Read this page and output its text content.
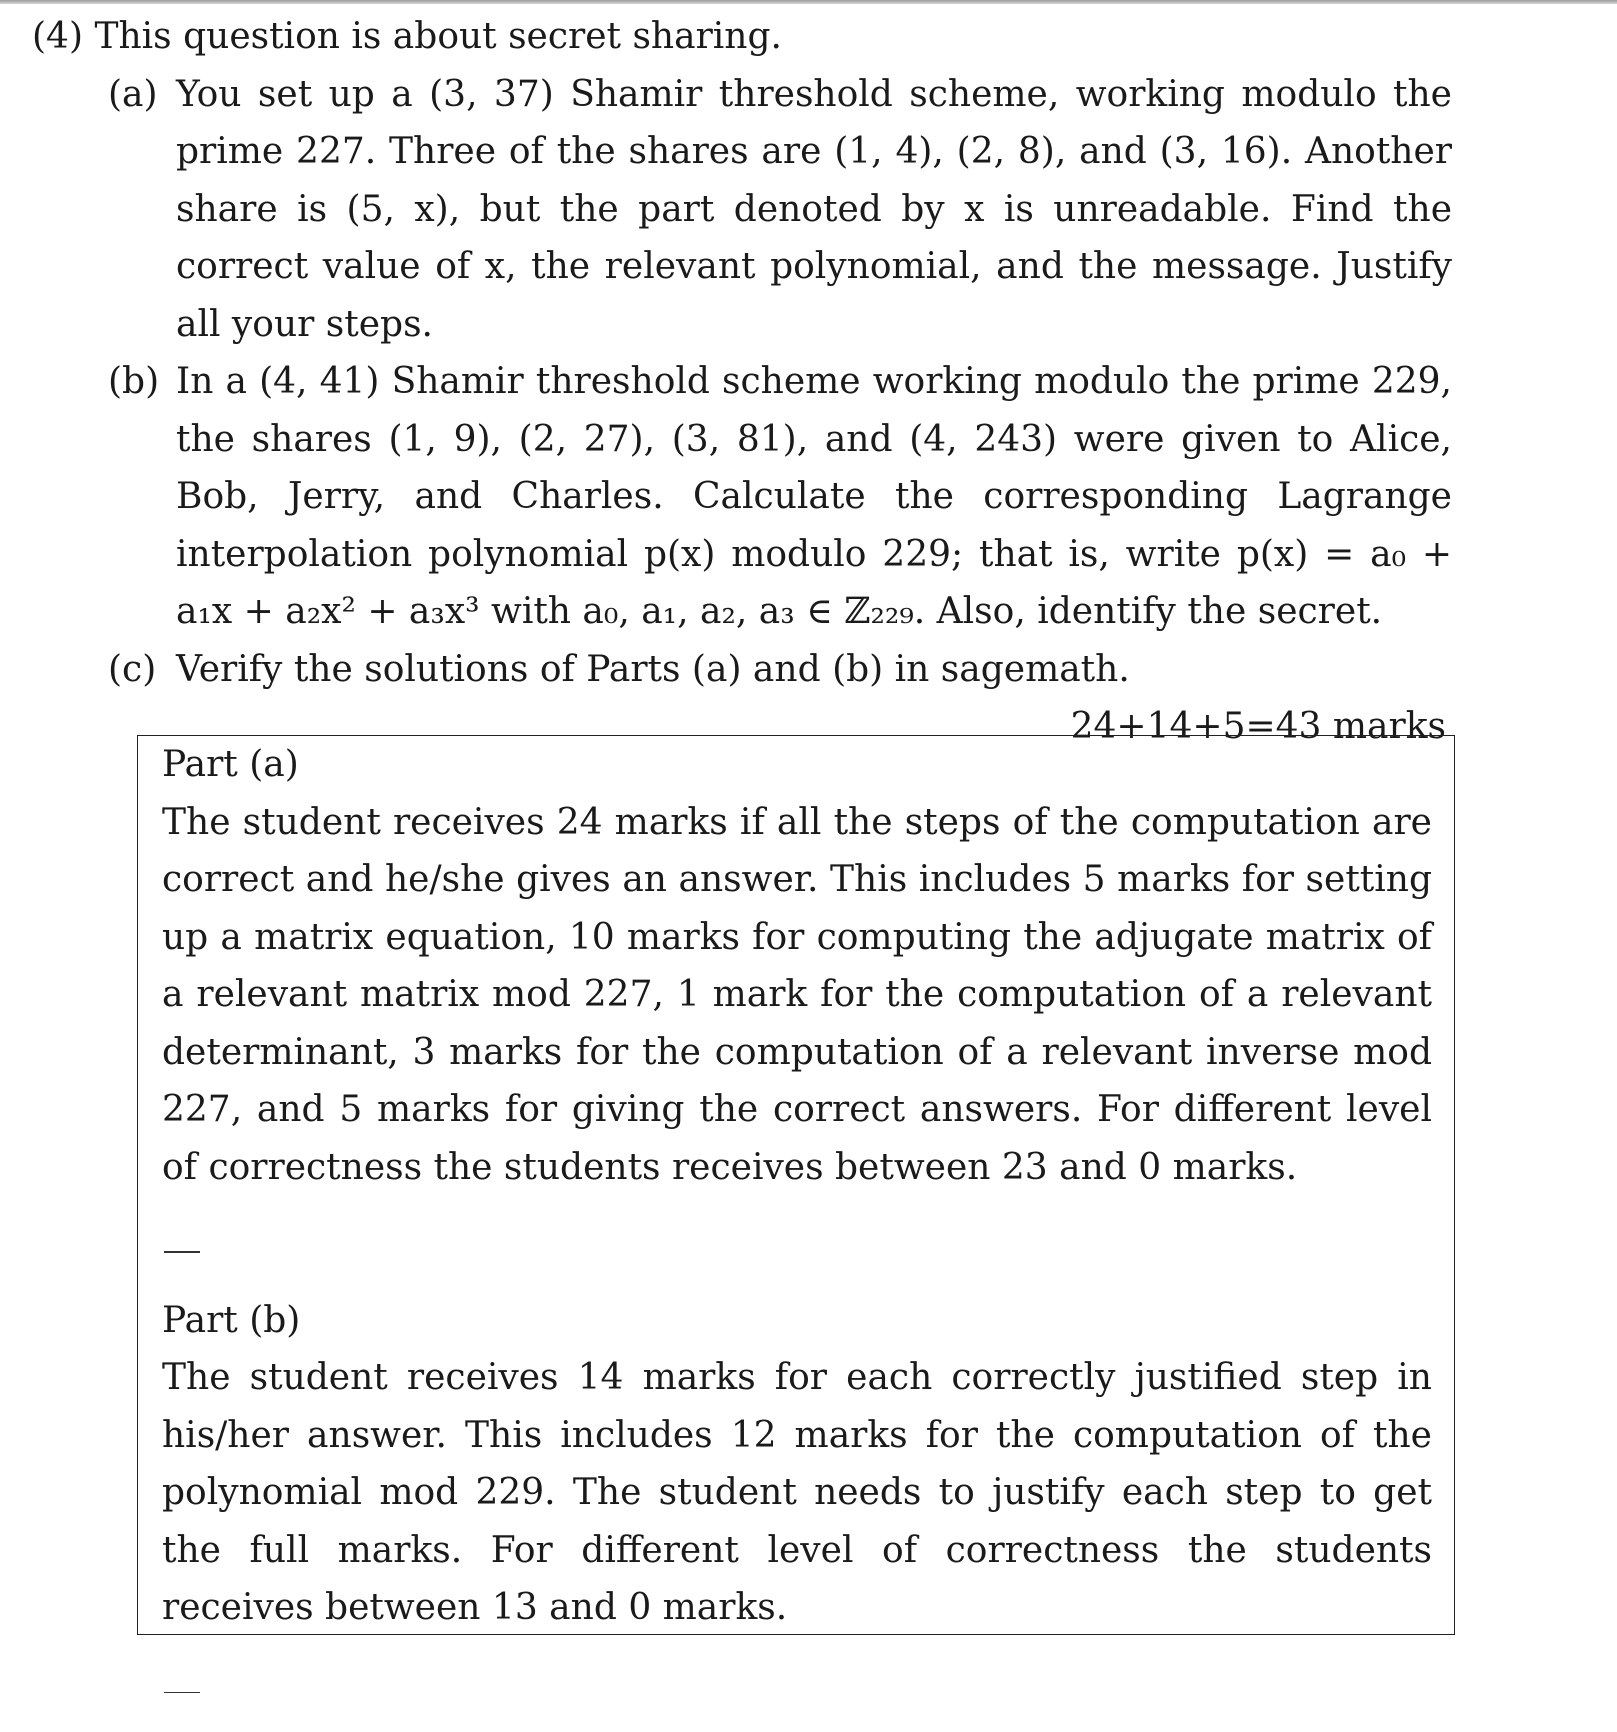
(4) This question is about secret sharing.

(a) You set up a (3, 37) Shamir threshold scheme, working modulo the prime 227. Three of the shares are (1, 4), (2, 8), and (3, 16). Another share is (5, x), but the part denoted by x is unreadable. Find the correct value of x, the relevant polynomial, and the message. Justify all your steps.
(b) In a (4, 41) Shamir threshold scheme working modulo the prime 229, the shares (1, 9), (2, 27), (3, 81), and (4, 243) were given to Alice, Bob, Jerry, and Charles. Calculate the corresponding Lagrange interpolation polynomial p(x) modulo 229; that is, write p(x) = a₀ + a₁x + a₂x² + a₃x³ with a₀, a₁, a₂, a₃ ∈ ℤ₂₂₉. Also, identify the secret.
(c) Verify the solutions of Parts (a) and (b) in sagemath.

24+14+5=43 marks

Part (a)

The student receives 24 marks if all the steps of the computation are correct and he/she gives an answer. This includes 5 marks for setting up a matrix equation, 10 marks for computing the adjugate matrix of a relevant matrix mod 227, 1 mark for the computation of a relevant determinant, 3 marks for the computation of a relevant inverse mod 227, and 5 marks for giving the correct answers. For different level of correctness the students receives between 23 and 0 marks.

Part (b)

The student receives 14 marks for each correctly justified step in his/her answer. This includes 12 marks for the computation of the polynomial mod 229. The student needs to justify each step to get the full marks. For different level of correctness the students receives between 13 and 0 marks.
